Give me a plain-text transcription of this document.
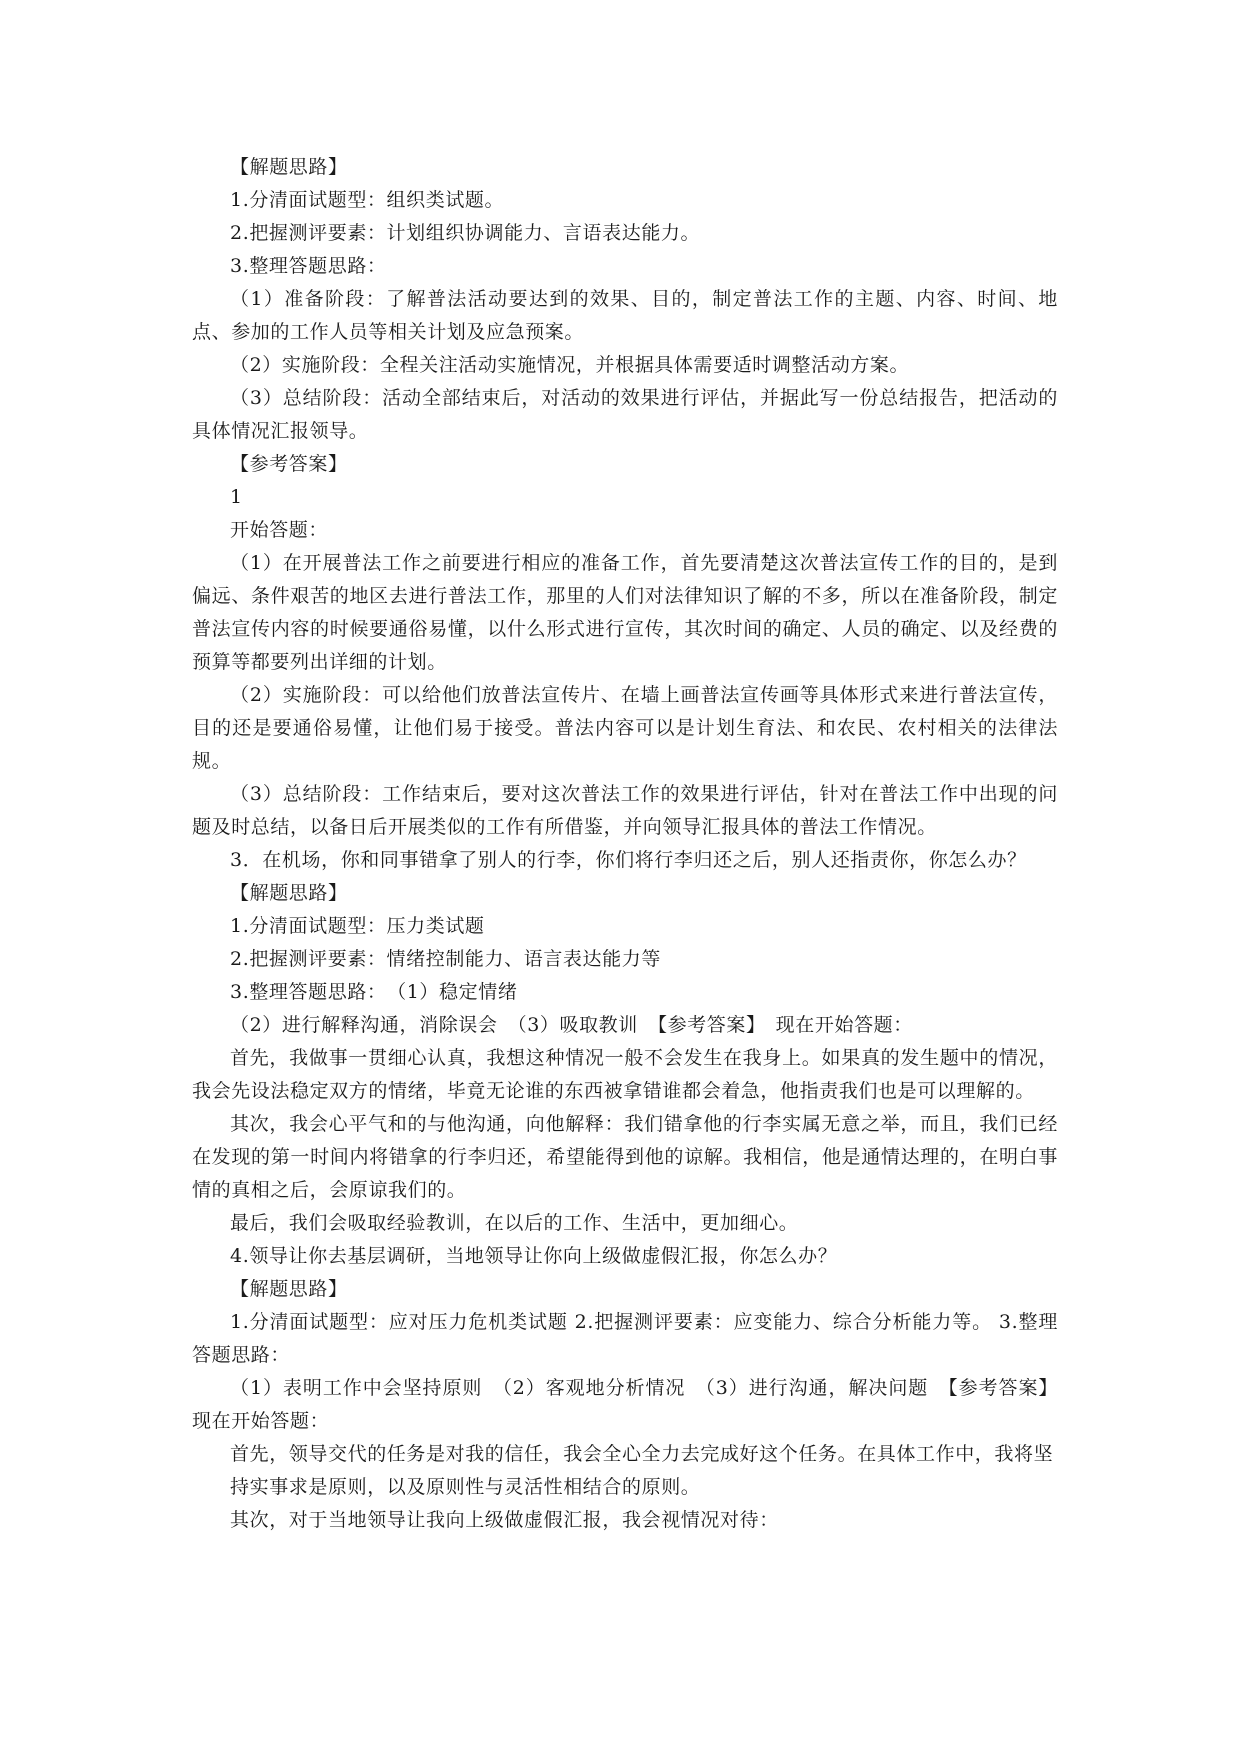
【解题思路】

1.分清面试题型：组织类试题。

2.把握测评要素：计划组织协调能力、言语表达能力。

3.整理答题思路：

（1）准备阶段：了解普法活动要达到的效果、目的，制定普法工作的主题、内容、时间、地点、参加的工作人员等相关计划及应急预案。

（2）实施阶段：全程关注活动实施情况，并根据具体需要适时调整活动方案。

（3）总结阶段：活动全部结束后，对活动的效果进行评估，并据此写一份总结报告，把活动的具体情况汇报领导。

【参考答案】

1

开始答题：

（1）在开展普法工作之前要进行相应的准备工作，首先要清楚这次普法宣传工作的目的，是到偏远、条件艰苦的地区去进行普法工作，那里的人们对法律知识了解的不多，所以在准备阶段，制定普法宣传内容的时候要通俗易懂，以什么形式进行宣传，其次时间的确定、人员的确定、以及经费的预算等都要列出详细的计划。

（2）实施阶段：可以给他们放普法宣传片、在墙上画普法宣传画等具体形式来进行普法宣传，目的还是要通俗易懂，让他们易于接受。普法内容可以是计划生育法、和农民、农村相关的法律法规。

（3）总结阶段：工作结束后，要对这次普法工作的效果进行评估，针对在普法工作中出现的问题及时总结，以备日后开展类似的工作有所借鉴，并向领导汇报具体的普法工作情况。

3．在机场，你和同事错拿了别人的行李，你们将行李归还之后，别人还指责你，你怎么办？

【解题思路】

1.分清面试题型：压力类试题

2.把握测评要素：情绪控制能力、语言表达能力等

3.整理答题思路：　（1）稳定情绪

（2）进行解释沟通，消除误会　（3）吸取教训　【参考答案】　现在开始答题：

首先，我做事一贯细心认真，我想这种情况一般不会发生在我身上。如果真的发生题中的情况，我会先设法稳定双方的情绪，毕竟无论谁的东西被拿错谁都会着急，他指责我们也是可以理解的。

其次，我会心平气和的与他沟通，向他解释：我们错拿他的行李实属无意之举，而且，我们已经在发现的第一时间内将错拿的行李归还，希望能得到他的谅解。我相信，他是通情达理的，在明白事情的真相之后，会原谅我们的。

最后，我们会吸取经验教训，在以后的工作、生活中，更加细心。

4.领导让你去基层调研，当地领导让你向上级做虚假汇报，你怎么办？

【解题思路】

1.分清面试题型：应对压力危机类试题 2.把握测评要素：应变能力、综合分析能力等。 3.整理答题思路：

（1）表明工作中会坚持原则　（2）客观地分析情况　（3）进行沟通，解决问题　【参考答案】 现在开始答题：

首先，领导交代的任务是对我的信任，我会全心全力去完成好这个任务。在具体工作中，我将坚

持实事求是原则，以及原则性与灵活性相结合的原则。

其次，对于当地领导让我向上级做虚假汇报，我会视情况对待：
